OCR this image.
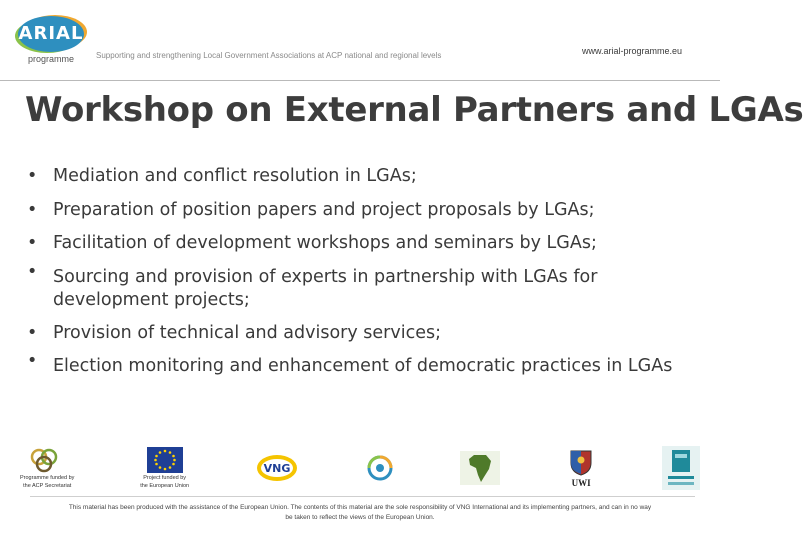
ARIAL
programme	Supporting and strengthening Local Government Associations at ACP national and regional levels	www.arial-programme.eu
Workshop on External Partners and LGAs
• Mediation and conflict resolution in LGAs;
• Preparation of position papers and project proposals by LGAs;
• Facilitation of development workshops and seminars by LGAs;
• Sourcing and provision of experts in partnership with LGAs for development projects;
• Provision of technical and advisory services;
• Election monitoring and enhancement of democratic practices in LGAs
Programme funded by
the ACP Secretariat
Project funded by
the European Union
VNG
UWI
This material has been produced with the assistance of the European Union. The contents of this material are the sole responsibility of VNG International and its implementing partners, and can in no way
be taken to reflect the views of the European Union.
